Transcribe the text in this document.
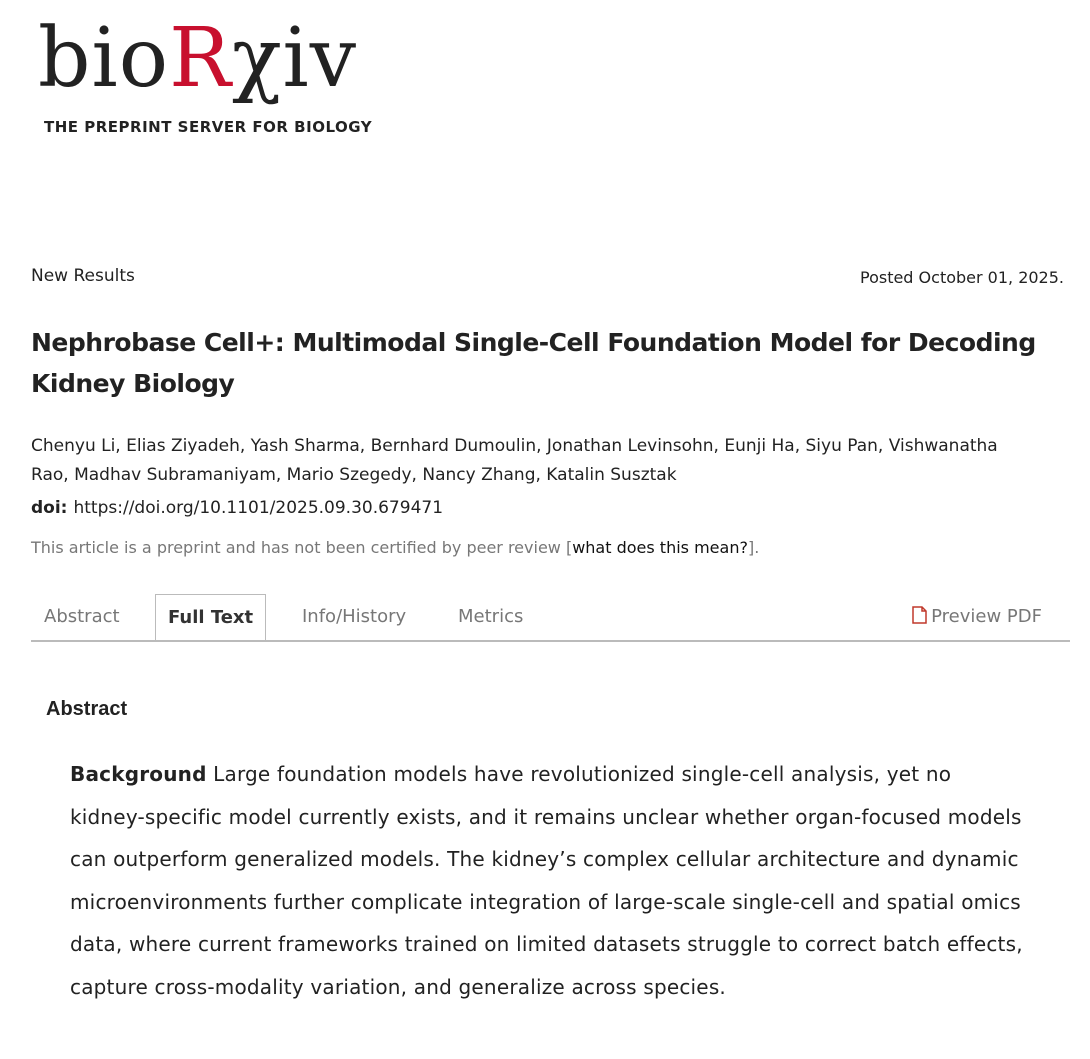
bioRχiv
THE PREPRINT SERVER FOR BIOLOGY
New Results	Posted October 01, 2025.
Nephrobase Cell+: Multimodal Single-Cell Foundation Model for Decoding Kidney Biology
Chenyu Li, Elias Ziyadeh, Yash Sharma, Bernhard Dumoulin, Jonathan Levinsohn, Eunji Ha, Siyu Pan, Vishwanatha Rao, Madhav Subramaniyam, Mario Szegedy, Nancy Zhang, Katalin Susztak
doi: https://doi.org/10.1101/2025.09.30.679471
This article is a preprint and has not been certified by peer review [what does this mean?].
Abstract	Full Text	Info/History	Metrics	Preview PDF
Abstract
Background Large foundation models have revolutionized single-cell analysis, yet no kidney-specific model currently exists, and it remains unclear whether organ-focused models can outperform generalized models. The kidney’s complex cellular architecture and dynamic microenvironments further complicate integration of large-scale single-cell and spatial omics data, where current frameworks trained on limited datasets struggle to correct batch effects, capture cross-modality variation, and generalize across species.
